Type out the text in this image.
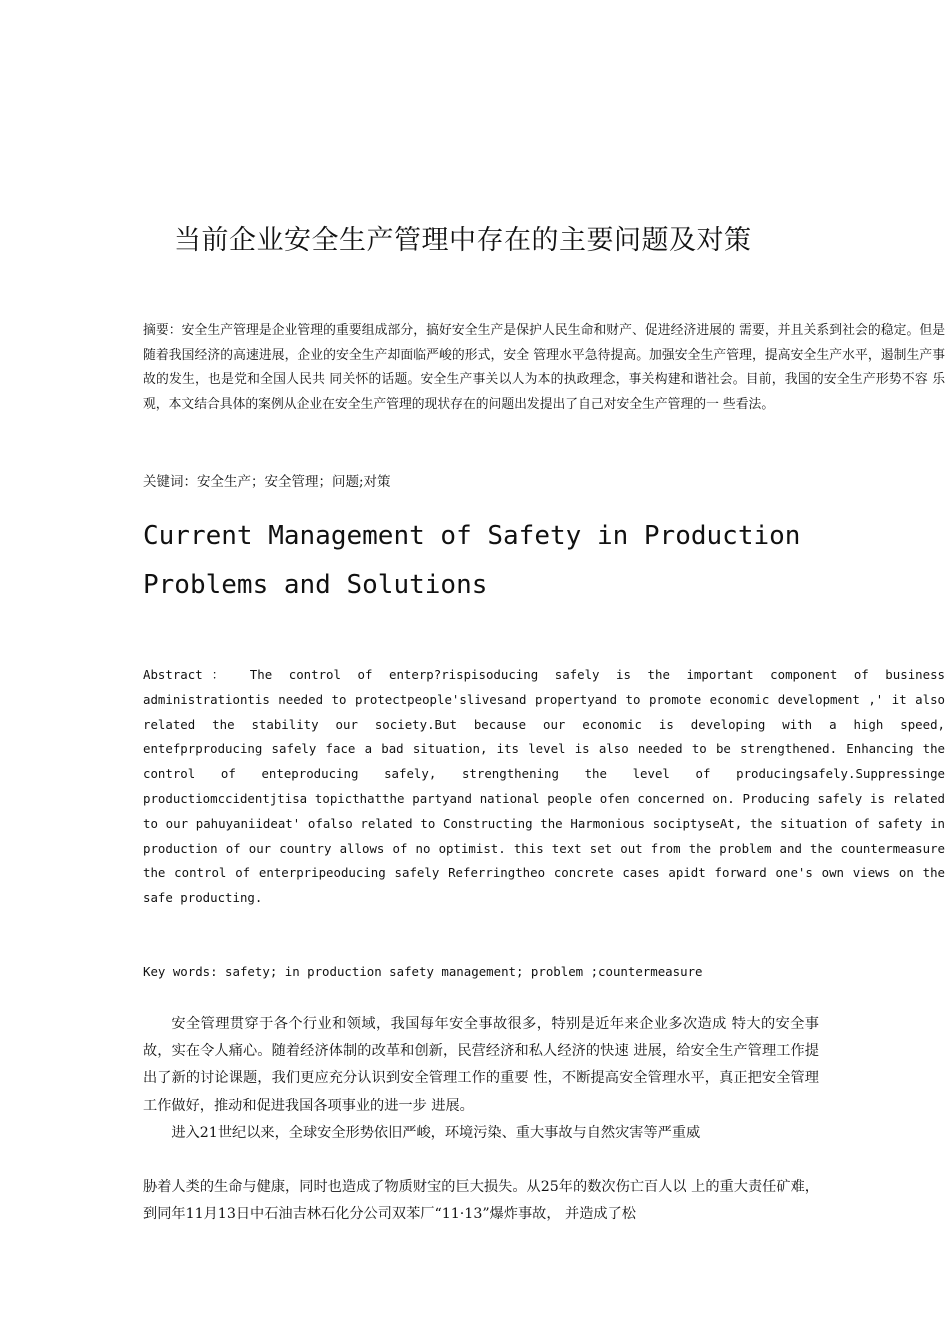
当前企业安全生产管理中存在的主要问题及对策
摘要：安全生产管理是企业管理的重要组成部分，搞好安全生产是保护人民生命和财产、促进经济进展的 需要，并且关系到社会的稳定。但是随着我国经济的高速进展，企业的安全生产却面临严峻的形式，安全 管理水平急待提高。加强安全生产管理，提高安全生产水平，遏制生产事故的发生，也是党和全国人民共 同关怀的话题。安全生产事关以人为本的执政理念，事关构建和谐社会。目前，我国的安全生产形势不容 乐观，本文结合具体的案例从企业在安全生产管理的现状存在的问题出发提出了自己对安全生产管理的一 些看法。
关键词：安全生产；安全管理；问题;对策
Current Management of Safety in Production
Problems and Solutions
Abstract： The control of enterp?rispisoducing safely is the important component of business administrationtis needed to protectpeople'slivesand propertyand to promote economic development ,' it also related the stability our society.But because our economic is developing with a high speed, entefprproducing safely face a bad situation, its level is also needed to be strengthened. Enhancing the control of enteproducing safely, strengthening the level of producingsafely.Suppressinge productiomccidentjtisa topicthatthe partyand national people ofen concerned on. Producing safely is related to our pahuyaniideat' ofalso related to Constructing the Harmonious sociptyseAt, the situation of safety in production of our country allows of no optimist. this text set out from the problem and the countermeasure the control of enterpripeoducing safely Referringtheo concrete cases apidt forward one's own views on the safe producting.
Key words: safety; in production safety management; problem ;countermeasure
安全管理贯穿于各个行业和领域，我国每年安全事故很多，特别是近年来企业多次造成 特大的安全事故，实在令人痛心。随着经济体制的改革和创新，民营经济和私人经济的快速 进展，给安全生产管理工作提出了新的讨论课题，我们更应充分认识到安全管理工作的重要 性，不断提高安全管理水平，真正把安全管理工作做好，推动和促进我国各项事业的进一步 进展。
进入21世纪以来，全球安全形势依旧严峻，环境污染、重大事故与自然灾害等严重威
胁着人类的生命与健康，同时也造成了物质财宝的巨大损失。从25年的数次伤亡百人以 上的重大责任矿难，到同年11月13日中石油吉林石化分公司双苯厂“11·13”爆炸事故， 并造成了松
